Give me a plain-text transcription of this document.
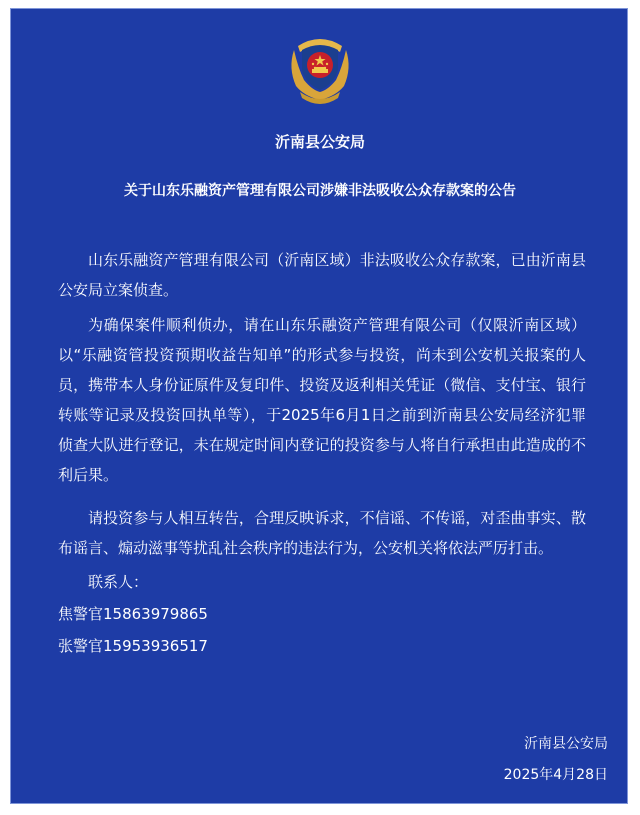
沂南县公安局
关于山东乐融资产管理有限公司涉嫌非法吸收公众存款案的公告

山东乐融资产管理有限公司（沂南区域）非法吸收公众存款案，已由沂南县公安局立案侦查。

为确保案件顺利侦办，请在山东乐融资产管理有限公司（仅限沂南区域）以“乐融资管投资预期收益告知单”的形式参与投资，尚未到公安机关报案的人员，携带本人身份证原件及复印件、投资及返利相关凭证（微信、支付宝、银行转账等记录及投资回执单等），于2025年6月1日之前到沂南县公安局经济犯罪侦查大队进行登记，未在规定时间内登记的投资参与人将自行承担由此造成的不利后果。

请投资参与人相互转告，合理反映诉求，不信谣、不传谣，对歪曲事实、散布谣言、煽动滋事等扰乱社会秩序的违法行为，公安机关将依法严厉打击。

联系人：
焦警官15863979865
张警官15953936517
沂南县公安局
2025年4月28日
